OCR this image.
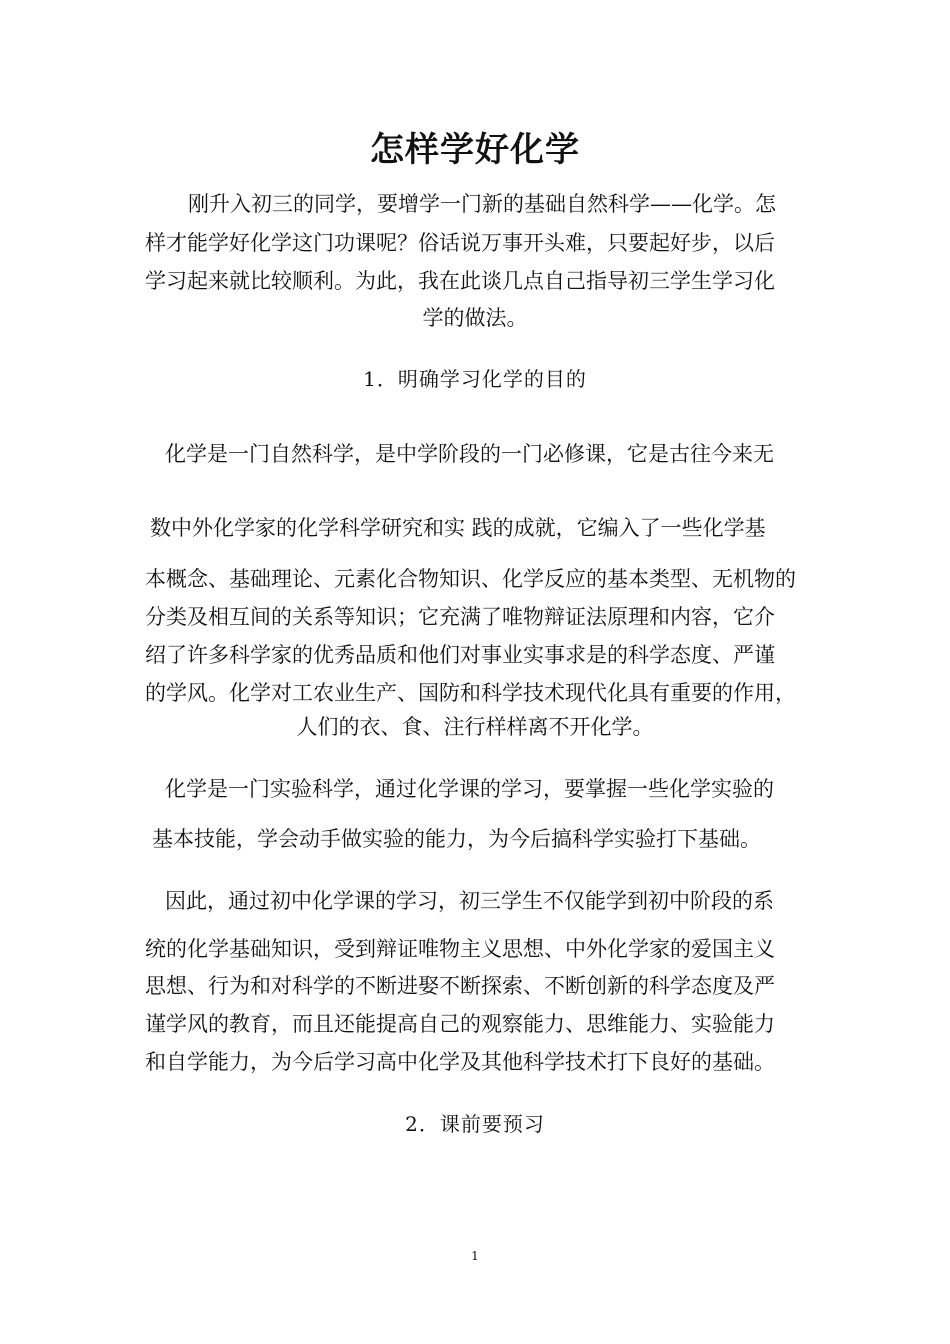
怎样学好化学
刚升入初三的同学，要增学一门新的基础自然科学——化学。怎
样才能学好化学这门功课呢？俗话说万事开头难，只要起好步，以后
学习起来就比较顺利。为此，我在此谈几点自己指导初三学生学习化
学的做法。
1．明确学习化学的目的
化学是一门自然科学，是中学阶段的一门必修课，它是古往今来无
数中外化学家的化学科学研究和实 践的成就，它编入了一些化学基
本概念、基础理论、元素化合物知识、化学反应的基本类型、无机物的
分类及相互间的关系等知识；它充满了唯物辩证法原理和内容，它介
绍了许多科学家的优秀品质和他们对事业实事求是的科学态度、严谨
的学风。化学对工农业生产、国防和科学技术现代化具有重要的作用，
人们的衣、食、注行样样离不开化学。
化学是一门实验科学，通过化学课的学习，要掌握一些化学实验的
基本技能，学会动手做实验的能力，为今后搞科学实验打下基础。
因此，通过初中化学课的学习，初三学生不仅能学到初中阶段的系
统的化学基础知识，受到辩证唯物主义思想、中外化学家的爱国主义
思想、行为和对科学的不断进娶不断探索、不断创新的科学态度及严
谨学风的教育，而且还能提高自己的观察能力、思维能力、实验能力
和自学能力，为今后学习高中化学及其他科学技术打下良好的基础。
2．课前要预习
1
